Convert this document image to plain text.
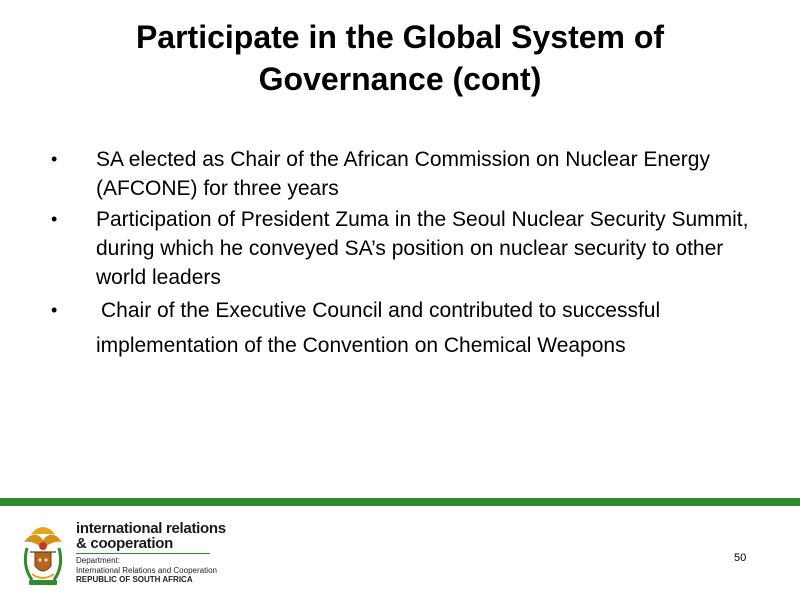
Participate in the Global System of
Governance (cont)
• SA elected as Chair of the African Commission on Nuclear Energy (AFCONE) for three years
• Participation of President Zuma in the Seoul Nuclear Security Summit, during which he conveyed SA’s position on nuclear security to other world leaders
• Chair of the Executive Council and contributed to successful
implementation of the Convention on Chemical Weapons
international relations
& cooperation
Department:
International Relations and Cooperation
REPUBLIC OF SOUTH AFRICA
50
